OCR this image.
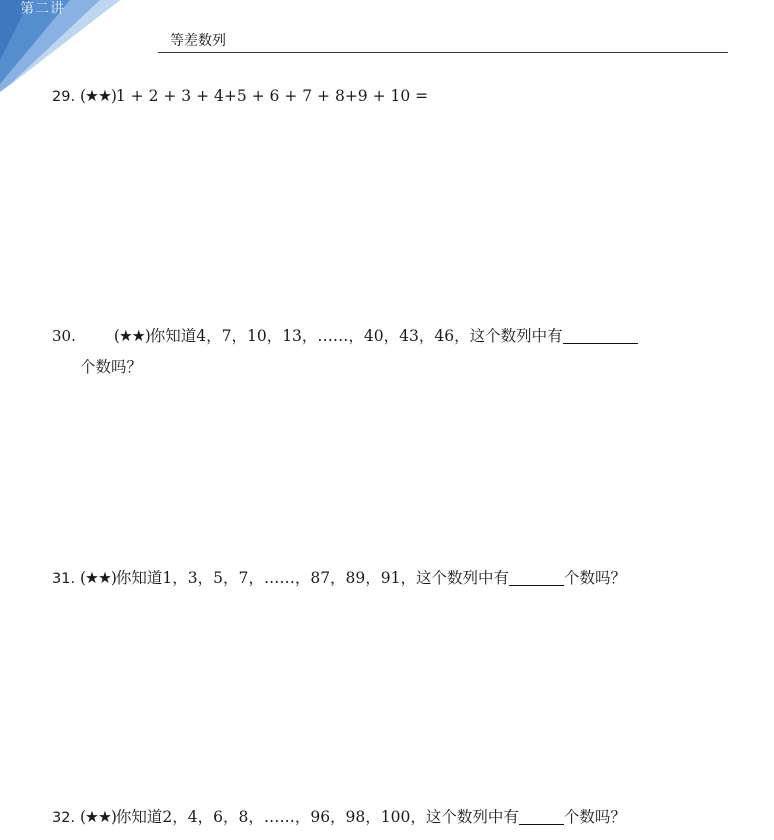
第二讲
等差数列
29. (★★)1 + 2 + 3 + 4+5 + 6 + 7 + 8+9 + 10 =
30. (★★)你知道4，7，10，13，……，40，43，46，这个数列中有
个数吗？
31. (★★)你知道1，3，5，7，……，87，89，91，这个数列中有	个数吗？
32. (★★)你知道2，4，6，8，……，96，98，100，这个数列中有	个数吗？
